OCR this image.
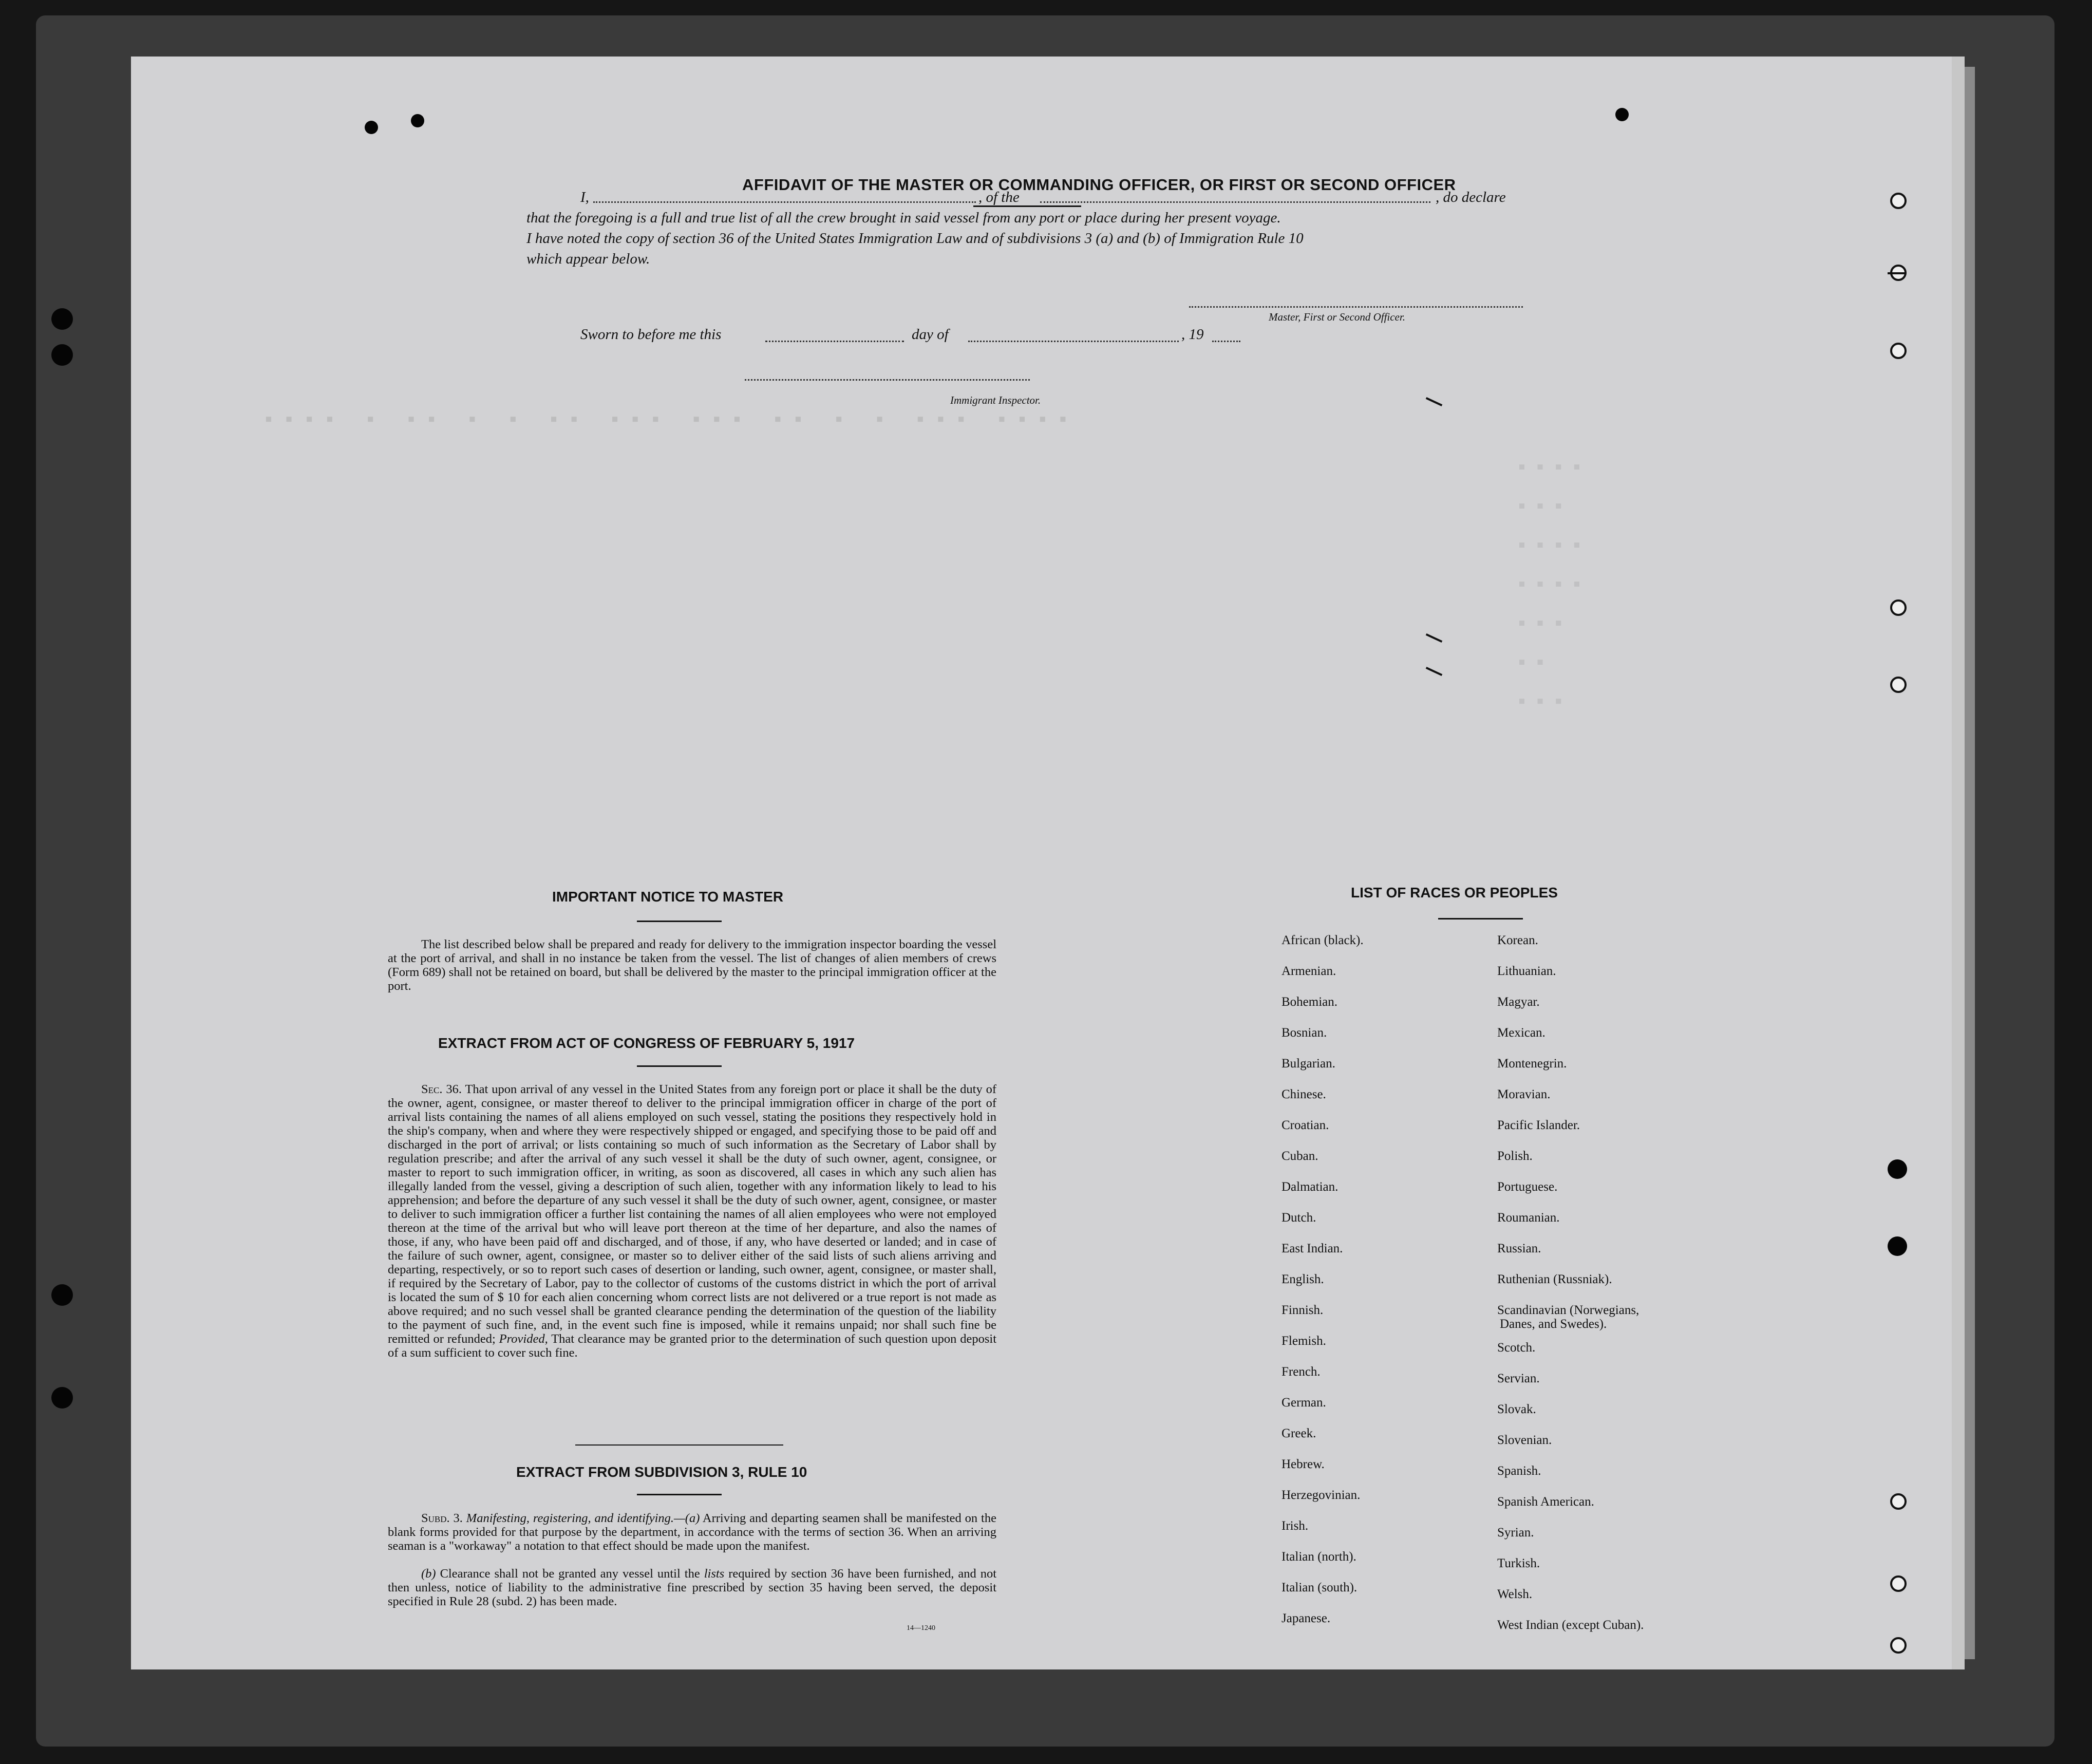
▪▪▪▪ ▪ ▪▪ ▪ ▪ ▪▪ ▪▪▪ ▪▪▪ ▪▪ ▪ ▪ ▪▪▪ ▪▪▪▪
▪▪▪▪
▪▪▪
▪▪▪▪
▪▪▪▪
▪▪▪
▪▪
▪▪▪
AFFIDAVIT OF THE MASTER OR COMMANDING OFFICER, OR FIRST OR SECOND OFFICER
I,	, of the	, do declare
that the foregoing is a full and true list of all the crew brought in said vessel from any port or place during her present voyage.
I have noted the copy of section 36 of the United States Immigration Law and of subdivisions 3 (a) and (b) of Immigration Rule 10
which appear below.
Master, First or Second Officer.
Sworn to before me this	day of	, 19
Immigrant Inspector.
IMPORTANT NOTICE TO MASTER
The list described below shall be prepared and ready for delivery to the immigration inspector boarding the vessel at the port of arrival, and shall in no instance be taken from the vessel. The list of changes of alien members of crews (Form 689) shall not be retained on board, but shall be delivered by the master to the principal immigration officer at the port.
EXTRACT FROM ACT OF CONGRESS OF FEBRUARY 5, 1917
Sec. 36. That upon arrival of any vessel in the United States from any foreign port or place it shall be the duty of the owner, agent, consignee, or master thereof to deliver to the principal immigration officer in charge of the port of arrival lists containing the names of all aliens employed on such vessel, stating the positions they respectively hold in the ship's company, when and where they were respectively shipped or engaged, and specifying those to be paid off and discharged in the port of arrival; or lists containing so much of such information as the Secretary of Labor shall by regulation prescribe; and after the arrival of any such vessel it shall be the duty of such owner, agent, consignee, or master to report to such immigration officer, in writing, as soon as discovered, all cases in which any such alien has illegally landed from the vessel, giving a description of such alien, together with any information likely to lead to his apprehension; and before the departure of any such vessel it shall be the duty of such owner, agent, consignee, or master to deliver to such immigration officer a further list containing the names of all alien employees who were not employed thereon at the time of the arrival but who will leave port thereon at the time of her departure, and also the names of those, if any, who have been paid off and discharged, and of those, if any, who have deserted or landed; and in case of the failure of such owner, agent, consignee, or master so to deliver either of the said lists of such aliens arriving and departing, respectively, or so to report such cases of desertion or landing, such owner, agent, consignee, or master shall, if required by the Secretary of Labor, pay to the collector of customs of the customs district in which the port of arrival is located the sum of $ 10 for each alien concerning whom correct lists are not delivered or a true report is not made as above required; and no such vessel shall be granted clearance pending the determination of the question of the liability to the payment of such fine, and, in the event such fine is imposed, while it remains unpaid; nor shall such fine be remitted or refunded; Provided, That clearance may be granted prior to the determination of such question upon deposit of a sum sufficient to cover such fine.
EXTRACT FROM SUBDIVISION 3, RULE 10
Subd. 3. Manifesting, registering, and identifying.—(a) Arriving and departing seamen shall be manifested on the blank forms provided for that purpose by the department, in accordance with the terms of section 36. When an arriving seaman is a "workaway" a notation to that effect should be made upon the manifest.
(b) Clearance shall not be granted any vessel until the lists required by section 36 have been furnished, and not then unless, notice of liability to the administrative fine prescribed by section 35 having been served, the deposit specified in Rule 28 (subd. 2) has been made.
14—1240
LIST OF RACES OR PEOPLES
African (black).
Armenian.
Bohemian.
Bosnian.
Bulgarian.
Chinese.
Croatian.
Cuban.
Dalmatian.
Dutch.
East Indian.
English.
Finnish.
Flemish.
French.
German.
Greek.
Hebrew.
Herzegovinian.
Irish.
Italian (north).
Italian (south).
Japanese.
Korean.
Lithuanian.
Magyar.
Mexican.
Montenegrin.
Moravian.
Pacific Islander.
Polish.
Portuguese.
Roumanian.
Russian.
Ruthenian (Russniak).
Scandinavian (Norwegians,
Danes, and Swedes).
Scotch.
Servian.
Slovak.
Slovenian.
Spanish.
Spanish American.
Syrian.
Turkish.
Welsh.
West Indian (except Cuban).
